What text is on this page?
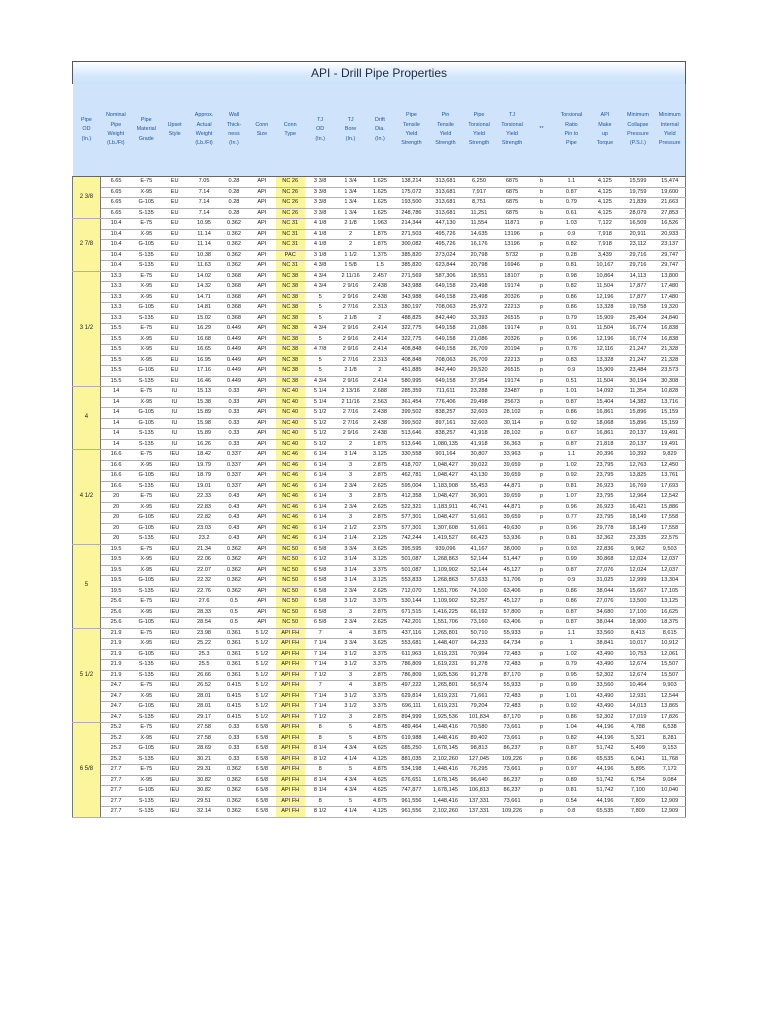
API - Drill Pipe Properties
Pipe
OD
(In.)	Nominal
Pipe
Weight
(Lb./Ft)	Pipe
Material
Grade	Upset
Style	Approx.
Actual
Weight
(Lb./Ft)	Wall
Thick-
ness
(In.)	Conn
Size	Conn
Type	TJ
OD
(In.)	TJ
Bore
(In.)	Drift
Dia.
(In.)	Pipe
Tensile
Yield
Strength	Pin
Tensile
Yield
Strength	Pipe
Torsional
Yield
Strength	TJ
Torsional
Yield
Strength	**	Torsional
Ratio
Pin to
Pipe	API
Make
up
Torque	Minimum
Collapse
Pressure
(P.S.I.)	Minimum
Internal
Yield
Pressure

2 3/8	6.65	E-75	EU	7.05	0.28	API	NC 26	3 3/8	1 3/4	1.625	138,214	313,681	6,250	6875	b	1.1	4,125	15,599	15,474
	6.65	X-95	EU	7.14	0.28	API	NC 26	3 3/8	1 3/4	1.625	175,072	313,681	7,917	6875	b	0.87	4,125	19,759	19,600
	6.65	G-105	EU	7.14	0.28	API	NC 26	3 3/8	1 3/4	1.625	193,500	313,681	8,751	6875	b	0.79	4,125	21,839	21,663
	6.65	S-135	EU	7.14	0.28	API	NC 26	3 3/8	1 3/4	1.625	248,786	313,681	11,251	6875	b	0.61	4,125	28,079	27,853
2 7/8	10.4	E-75	EU	10.95	0.362	API	NC 31	4 1/8	2 1/8	1.963	214,344	447,130	11,554	11871	p	1.03	7,122	16,509	16,526
	10.4	X-95	EU	11.14	0.362	API	NC 31	4 1/8	2	1.875	271,503	495,726	14,635	13196	p	0.9	7,918	20,911	20,933
	10.4	G-105	EU	11.14	0.362	API	NC 31	4 1/8	2	1.875	300,082	495,726	16,176	13196	p	0.82	7,918	23,112	23,137
	10.4	S-135	EU	10.38	0.362	API	PAC	3 1/8	1 1/2	1.375	385,820	273,024	20,798	5732	p	0.28	3,439	29,716	29,747
	10.4	S-135	EU	11.63	0.362	API	NC 31	4 3/8	1 5/8	1.5	385,820	623,844	20,798	16946	p	0.81	10,167	29,716	29,747
3 1/2	13.3	E-75	EU	14.02	0.368	API	NC 38	4 3/4	2 11/16	2.457	271,569	587,306	18,551	18107	p	0.98	10,864	14,113	13,800
	13.3	X-95	EU	14.32	0.368	API	NC 38	4 3/4	2 9/16	2.438	343,988	649,158	23,498	19174	p	0.82	11,504	17,877	17,480
	13.3	X-95	EU	14.71	0.368	API	NC 38	5	2 9/16	2.438	343,988	649,158	23,498	20326	p	0.86	12,196	17,877	17,480
	13.3	G-105	EU	14.81	0.368	API	NC 38	5	2 7/16	2.313	380,197	708,063	25,972	22213	p	0.86	13,328	19,758	19,320
	13.3	S-135	EU	15.02	0.368	API	NC 38	5	2 1/8	2	488,825	842,440	33,393	26515	p	0.79	15,909	25,404	24,840
	15.5	E-75	EU	16.29	0.449	API	NC 38	4 3/4	2 9/16	2.414	322,775	649,158	21,086	19174	p	0.91	11,504	16,774	16,838
	15.5	X-95	EU	16.68	0.449	API	NC 38	5	2 9/16	2.414	322,775	649,158	21,086	20326	p	0.96	12,196	16,774	16,838
	15.5	X-95	EU	16.65	0.449	API	NC 38	4 7/8	2 9/16	2.414	408,848	649,158	26,709	20194	p	0.76	12,116	21,247	21,328
	15.5	X-95	EU	16.95	0.449	API	NC 38	5	2 7/16	2.313	408,848	708,063	26,709	22213	p	0.83	13,328	21,247	21,328
	15.5	G-105	EU	17.16	0.449	API	NC 38	5	2 1/8	2	451,885	842,440	29,520	26515	p	0.9	15,909	23,484	23,573
	15.5	S-135	EU	16.46	0.449	API	NC 38	4 3/4	2 9/16	2.414	580,995	649,158	37,954	19174	p	0.51	11,504	30,194	30,308
4	14	E-75	IU	15.13	0.33	API	NC 40	5 1/4	2 13/16	2.688	285,359	711,611	23,288	23487	p	1.01	14,092	11,354	10,828
	14	X-95	IU	15.38	0.33	API	NC 40	5 1/4	2 11/16	2.563	361,454	776,406	29,498	25673	p	0.87	15,404	14,382	13,716
	14	G-105	IU	15.89	0.33	API	NC 40	5 1/2	2 7/16	2.438	399,502	838,257	32,603	28,102	p	0.86	16,861	15,896	15,159
	14	G-105	IU	15.98	0.33	API	NC 40	5 1/2	2 7/16	2.438	399,502	897,161	32,603	30,114	p	0.92	18,068	15,896	15,159
	14	S-135	IU	15.89	0.33	API	NC 40	5 1/2	2 9/16	2.438	513,646	838,257	41,918	28,102	p	0.67	16,861	20,137	19,491
	14	S-135	IU	16.26	0.33	API	NC 40	5 1/2	2	1.875	513,646	1,080,135	41,918	36,363	p	0.87	21,818	20,137	19,491
4 1/2	16.6	E-75	IEU	18.42	0.337	API	NC 46	6 1/4	3 1/4	3.125	330,558	901,164	30,807	33,963	p	1.1	20,396	10,392	9,829
	16.6	X-95	IEU	19.79	0.337	API	NC 46	6 1/4	3	2.875	418,707	1,048,427	39,022	39,659	p	1.02	23,795	12,763	12,450
	16.6	G-105	IEU	18.79	0.337	API	NC 46	6 1/4	3	2.875	462,781	1,048,427	43,130	39,659	p	0.92	23,795	13,825	13,761
	16.6	S-135	IEU	19.01	0.337	API	NC 46	6 1/4	2 3/4	2.625	595,004	1,183,908	55,453	44,871	p	0.81	26,923	16,769	17,693
	20	E-75	IEU	22.33	0.43	API	NC 46	6 1/4	3	2.875	412,358	1,048,427	36,901	39,659	p	1.07	23,795	12,964	12,542
	20	X-95	IEU	22.83	0.43	API	NC 46	6 1/4	2 3/4	2.625	522,321	1,183,911	46,741	44,871	p	0.96	26,923	16,421	15,886
	20	G-105	IEU	22.82	0.43	API	NC 46	6 1/4	3	2.875	577,301	1,048,427	51,661	39,659	p	0.77	23,795	18,149	17,558
	20	G-105	IEU	23.03	0.43	API	NC 46	6 1/4	2 1/2	2.375	577,301	1,307,608	51,661	49,630	p	0.96	29,778	18,149	17,558
	20	S-135	IEU	23.2	0.43	API	NC 46	6 1/4	2 1/4	2.125	742,244	1,419,527	66,423	53,936	p	0.81	32,362	23,335	22,575
5	19.5	E-75	IEU	21.34	0.362	API	NC 50	6 5/8	3 3/4	3.625	395,595	939,096	41,167	38,000	p	0.93	22,836	9,962	9,503
	19.5	X-95	IEU	22.06	0.362	API	NC 50	6 1/2	3 1/4	3.125	501,087	1,268,863	52,144	51,447	p	0.99	30,868	12,024	12,037
	19.5	X-95	IEU	22.07	0.362	API	NC 50	6 5/8	3 1/4	3.375	501,087	1,109,902	52,144	45,127	p	0.87	27,076	12,024	12,037
	19.5	G-105	IEU	22.32	0.362	API	NC 50	6 5/8	3 1/4	3.125	553,833	1,268,863	57,633	51,706	p	0.9	31,025	12,999	13,304
	19.5	S-135	IEU	22.76	0.362	API	NC 50	6 5/8	2 3/4	2.625	712,070	1,551,706	74,100	63,406	p	0.86	38,044	15,667	17,105
	25.6	E-75	IEU	27.6	0.5	API	NC 50	6 5/8	3 1/2	3.375	530,144	1,109,902	52,257	45,127	p	0.86	27,076	13,500	13,125
	25.6	X-95	IEU	28.33	0.5	API	NC 50	6 5/8	3	2.875	671,515	1,416,225	66,192	57,800	p	0.87	34,680	17,100	16,625
	25.6	G-105	IEU	28.54	0.5	API	NC 50	6 5/8	2 3/4	2.625	742,201	1,551,706	73,160	63,406	p	0.87	38,044	18,900	18,375
5 1/2	21.9	E-75	IEU	23.98	0.361	5 1/2	API FH	7	4	3.875	437,116	1,265,801	50,710	55,933	p	1.1	33,560	8,413	8,615
	21.9	X-95	IEU	25.22	0.361	5 1/2	API FH	7 1/4	3 3/4	3.625	553,681	1,448,407	64,233	64,734	p	1	38,841	10,017	10,912
	21.9	G-105	IEU	25.3	0.361	5 1/2	API FH	7 1/4	3 1/2	3.375	611,963	1,619,231	70,994	72,483	p	1.02	43,490	10,753	12,061
	21.9	S-135	IEU	25.5	0.361	5 1/2	API FH	7 1/4	3 1/2	3.375	786,809	1,619,231	91,278	72,483	p	0.79	43,490	12,674	15,507
	21.9	S-135	IEU	26.66	0.361	5 1/2	API FH	7 1/2	3	2.875	786,809	1,925,536	91,278	87,170	p	0.95	52,302	12,674	15,507
	24.7	E-75	IEU	26.52	0.415	5 1/2	API FH	7	4	3.875	497,222	1,265,801	56,574	55,933	p	0.99	33,560	10,464	9,903
	24.7	X-95	IEU	28.01	0.415	5 1/2	API FH	7 1/4	3 1/2	3.375	629,814	1,619,231	71,661	72,483	p	1.01	43,490	12,931	12,544
	24.7	G-105	IEU	28.01	0.415	5 1/2	API FH	7 1/4	3 1/2	3.375	696,111	1,619,231	79,204	72,483	p	0.92	43,490	14,013	13,865
	24.7	S-135	IEU	29.17	0.415	5 1/2	API FH	7 1/2	3	2.875	894,999	1,925,536	101,834	87,170	p	0.86	52,302	17,019	17,826
6 5/8	25.2	E-75	IEU	27.58	0.33	6 5/8	API FH	8	5	4.875	489,464	1,448,416	70,580	73,661	p	1.04	44,196	4,788	6,538
	25.2	X-95	IEU	27.58	0.33	6 5/8	API FH	8	5	4.875	619,988	1,448,416	89,402	73,661	p	0.82	44,196	5,321	8,281
	25.2	G-105	IEU	28.69	0.33	6 5/8	API FH	8 1/4	4 3/4	4.625	685,250	1,678,145	98,813	86,237	p	0.87	51,742	5,499	9,153
	25.2	S-135	IEU	30.21	0.33	6 5/8	API FH	8 1/2	4 1/4	4.125	881,035	2,102,260	127,045	109,226	p	0.86	65,535	6,041	11,768
	27.7	E-75	IEU	29.31	0.362	6 5/8	API FH	8	5	4.875	534,198	1,448,416	76,295	73,661	p	0.97	44,196	5,895	7,172
	27.7	X-95	IEU	30.82	0.362	6 5/8	API FH	8 1/4	4 3/4	4.625	676,651	1,678,145	96,640	86,237	p	0.89	51,742	6,754	9,084
	27.7	G-105	IEU	30.82	0.362	6 5/8	API FH	8 1/4	4 3/4	4.625	747,877	1,678,145	106,813	86,237	p	0.81	51,742	7,100	10,040
	27.7	S-135	IEU	29.51	0.362	6 5/8	API FH	8	5	4.875	961,556	1,448,416	137,331	73,661	p	0.54	44,196	7,809	12,909
	27.7	S-135	IEU	32.14	0.362	6 5/8	API FH	8 1/2	4 1/4	4.125	961,556	2,102,260	137,331	109,226	p	0.8	65,535	7,809	12,909
